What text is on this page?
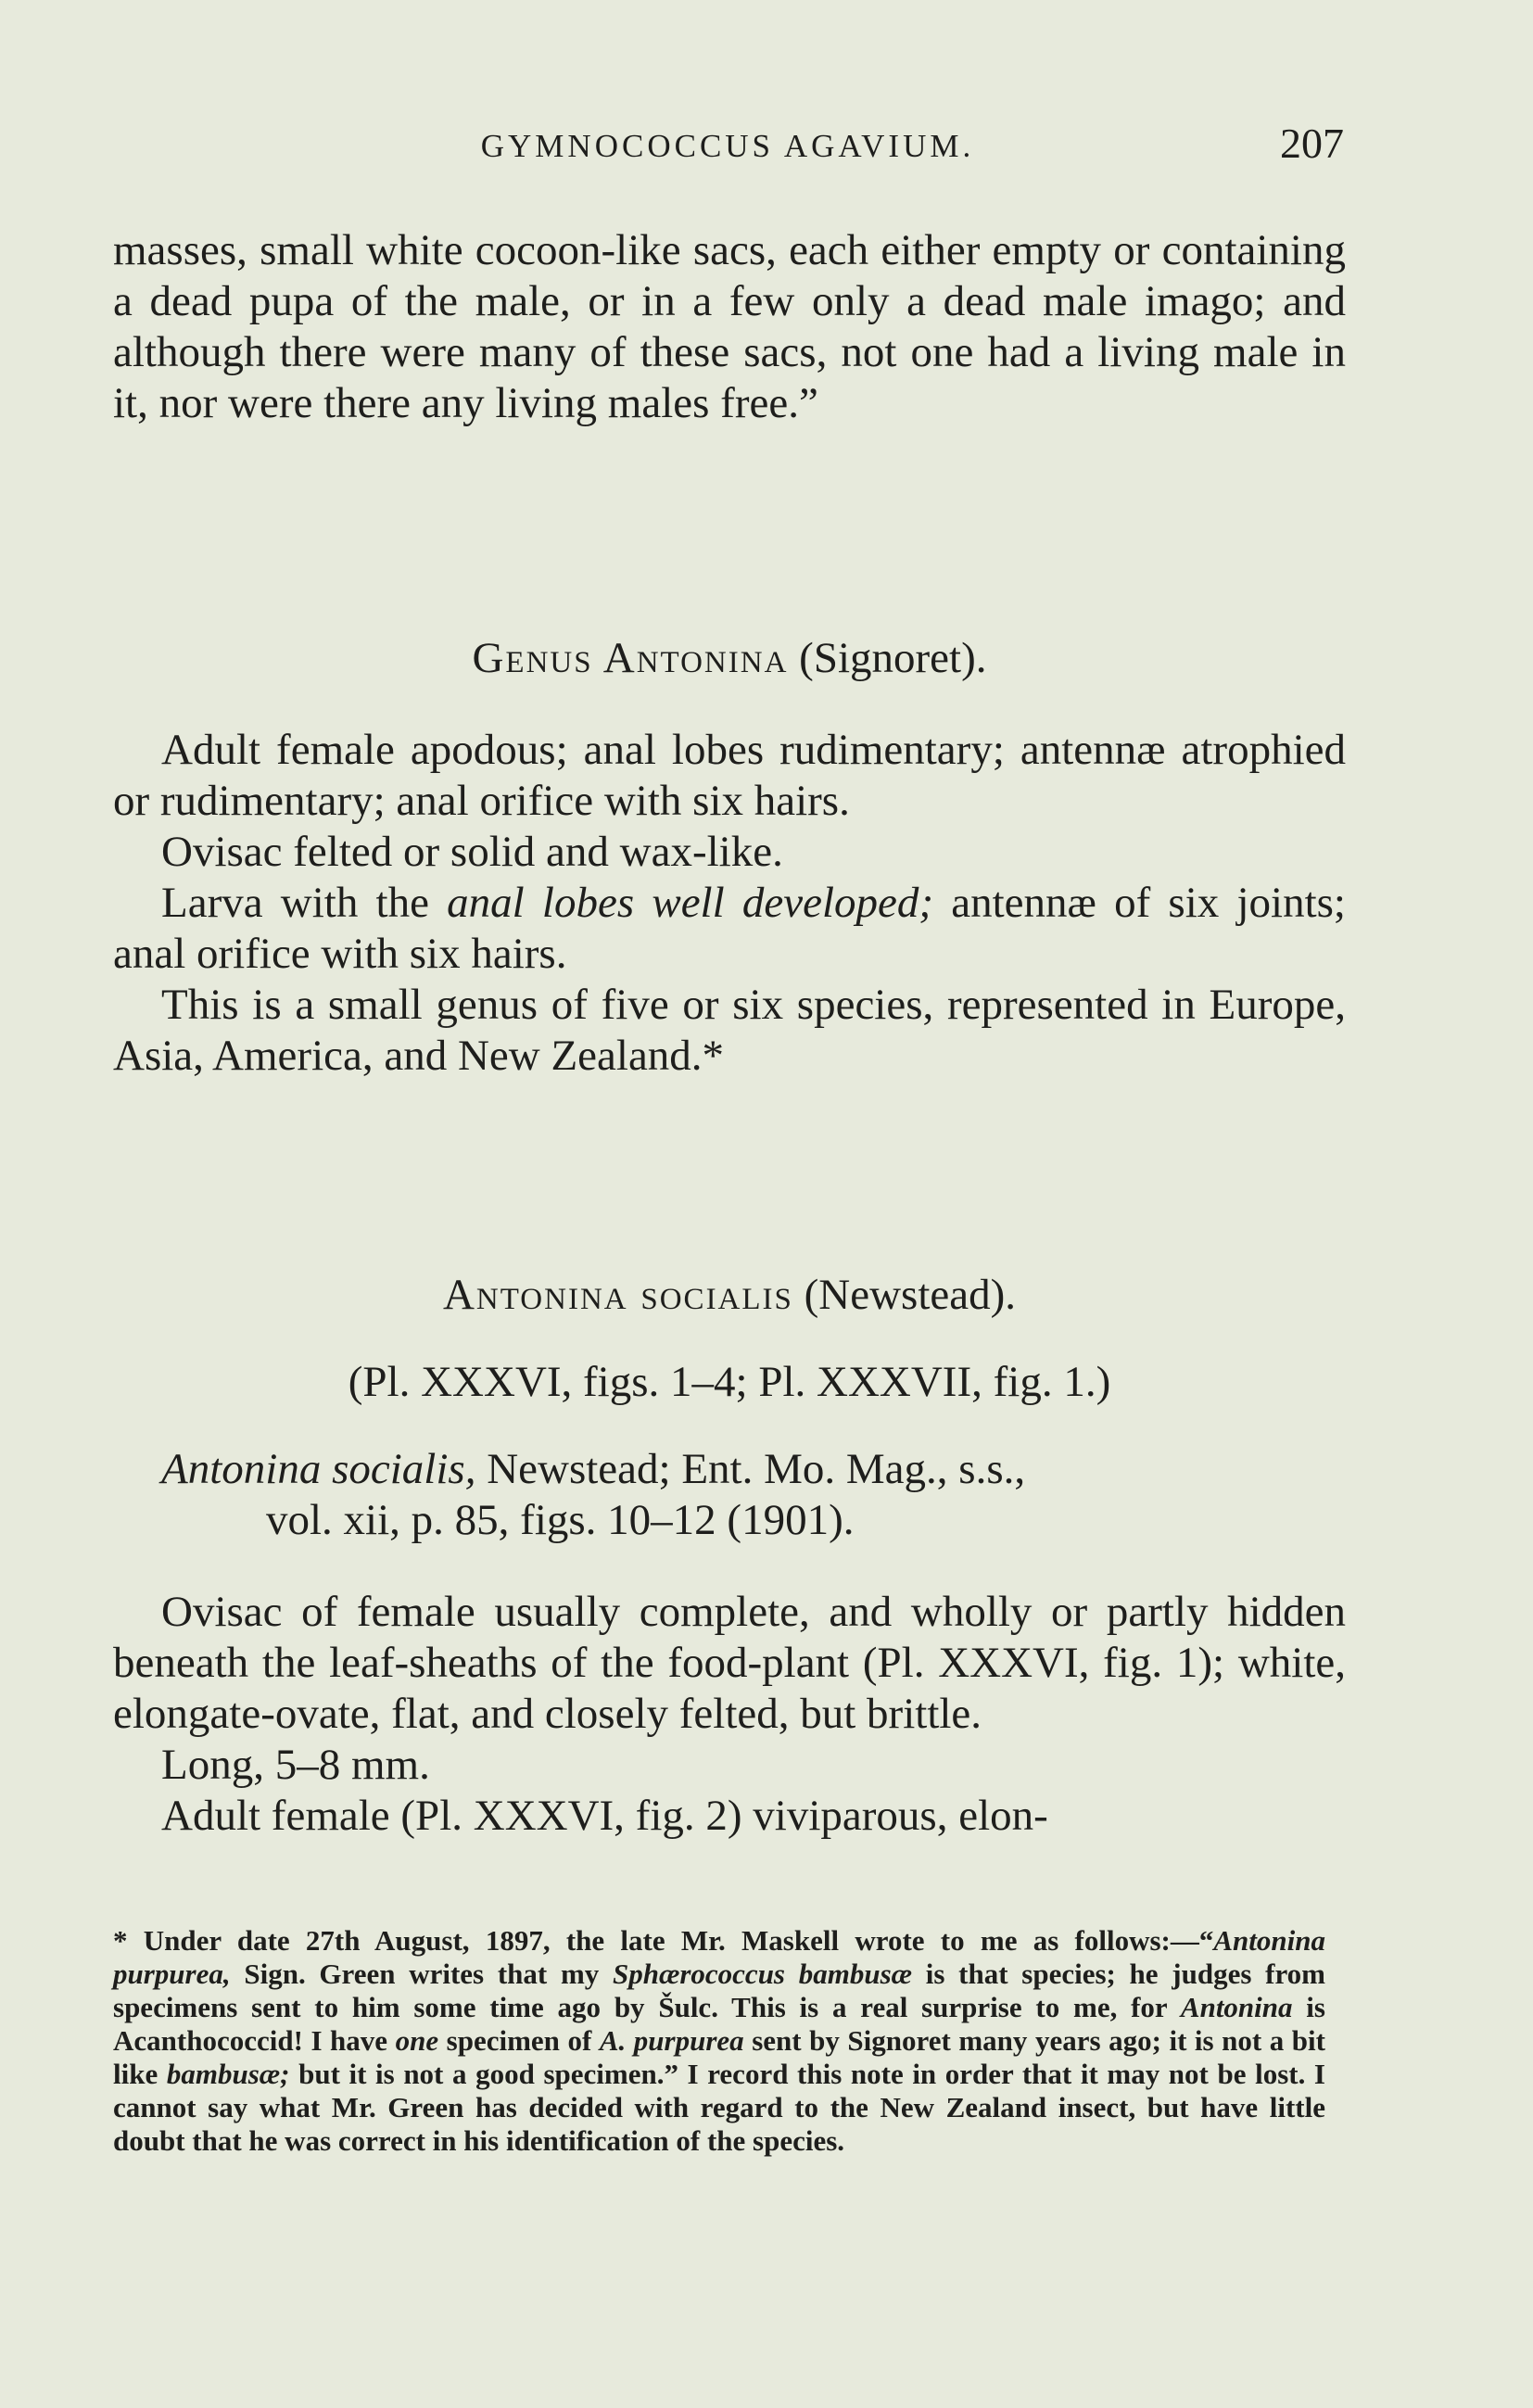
GYMNOCOCCUS AGAVIUM.	207

masses, small white cocoon-like sacs, each either empty or containing a dead pupa of the male, or in a few only a dead male imago; and although there were many of these sacs, not one had a living male in it, nor were there any living males free.”

Genus Antonina (Signoret).

Adult female apodous; anal lobes rudimentary; antennæ atrophied or rudimentary; anal orifice with six hairs.

Ovisac felted or solid and wax-like.

Larva with the anal lobes well developed; antennæ of six joints; anal orifice with six hairs.

This is a small genus of five or six species, represented in Europe, Asia, America, and New Zealand.*

Antonina socialis (Newstead).

(Pl. XXXVI, figs. 1–4; Pl. XXXVII, fig. 1.)

Antonina socialis, Newstead; Ent. Mo. Mag., s.s.,

vol. xii, p. 85, figs. 10–12 (1901).

Ovisac of female usually complete, and wholly or partly hidden beneath the leaf-sheaths of the food-plant (Pl. XXXVI, fig. 1); white, elongate-ovate, flat, and closely felted, but brittle.

Long, 5–8 mm.

Adult female (Pl. XXXVI, fig. 2) viviparous, elon-

* Under date 27th August, 1897, the late Mr. Maskell wrote to me as follows:—“Antonina purpurea, Sign. Green writes that my Sphærococcus bambusæ is that species; he judges from specimens sent to him some time ago by Šulc. This is a real surprise to me, for Antonina is Acanthococcid! I have one specimen of A. purpurea sent by Signoret many years ago; it is not a bit like bambusæ; but it is not a good specimen.” I record this note in order that it may not be lost. I cannot say what Mr. Green has decided with regard to the New Zealand insect, but have little doubt that he was correct in his identification of the species.
